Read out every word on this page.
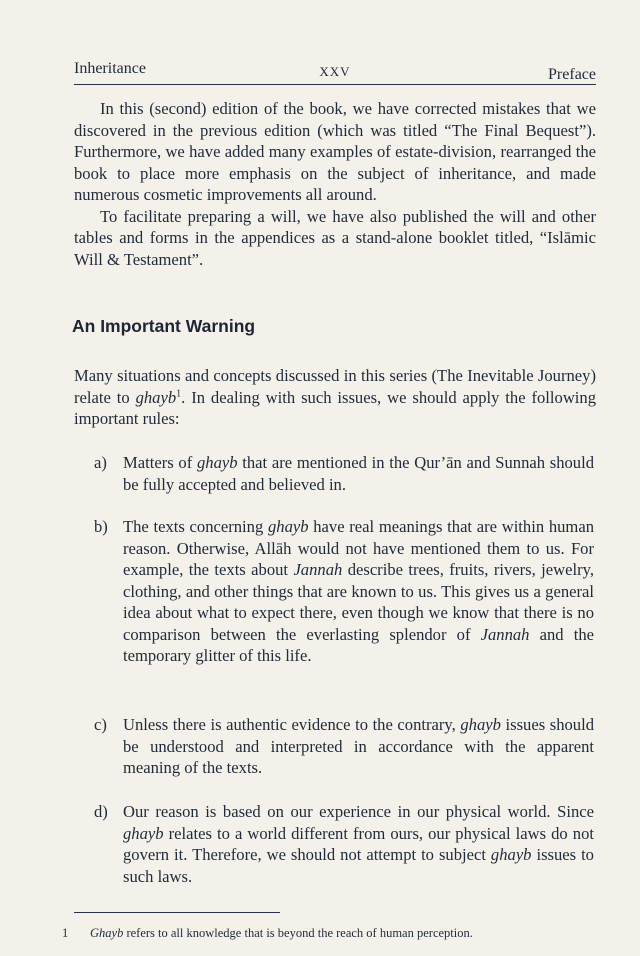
Inheritance	XXV	Preface

In this (second) edition of the book, we have corrected mistakes that we discovered in the previous edition (which was titled “The Final Bequest”). Furthermore, we have added many examples of estate-division, rearranged the book to place more emphasis on the subject of inheritance, and made numerous cosmetic improvements all around.

To facilitate preparing a will, we have also published the will and other tables and forms in the appendices as a stand-alone booklet titled, “Islāmic Will & Testament”.

An Important Warning

Many situations and concepts discussed in this series (The Inevitable Journey) relate to ghayb$^1$. In dealing with such issues, we should apply the following important rules:

a) Matters of ghayb that are mentioned in the Qur’ān and Sunnah should be fully accepted and believed in.
b) The texts concerning ghayb have real meanings that are within human reason. Otherwise, Allāh would not have mentioned them to us. For example, the texts about Jannah describe trees, fruits, rivers, jewelry, clothing, and other things that are known to us. This gives us a general idea about what to expect there, even though we know that there is no comparison between the everlasting splendor of Jannah and the temporary glitter of this life.
c) Unless there is authentic evidence to the contrary, ghayb issues should be understood and interpreted in accordance with the apparent meaning of the texts.
d) Our reason is based on our experience in our physical world. Since ghayb relates to a world different from ours, our physical laws do not govern it. Therefore, we should not attempt to subject ghayb issues to such laws.
1 Ghayb refers to all knowledge that is beyond the reach of human perception.
